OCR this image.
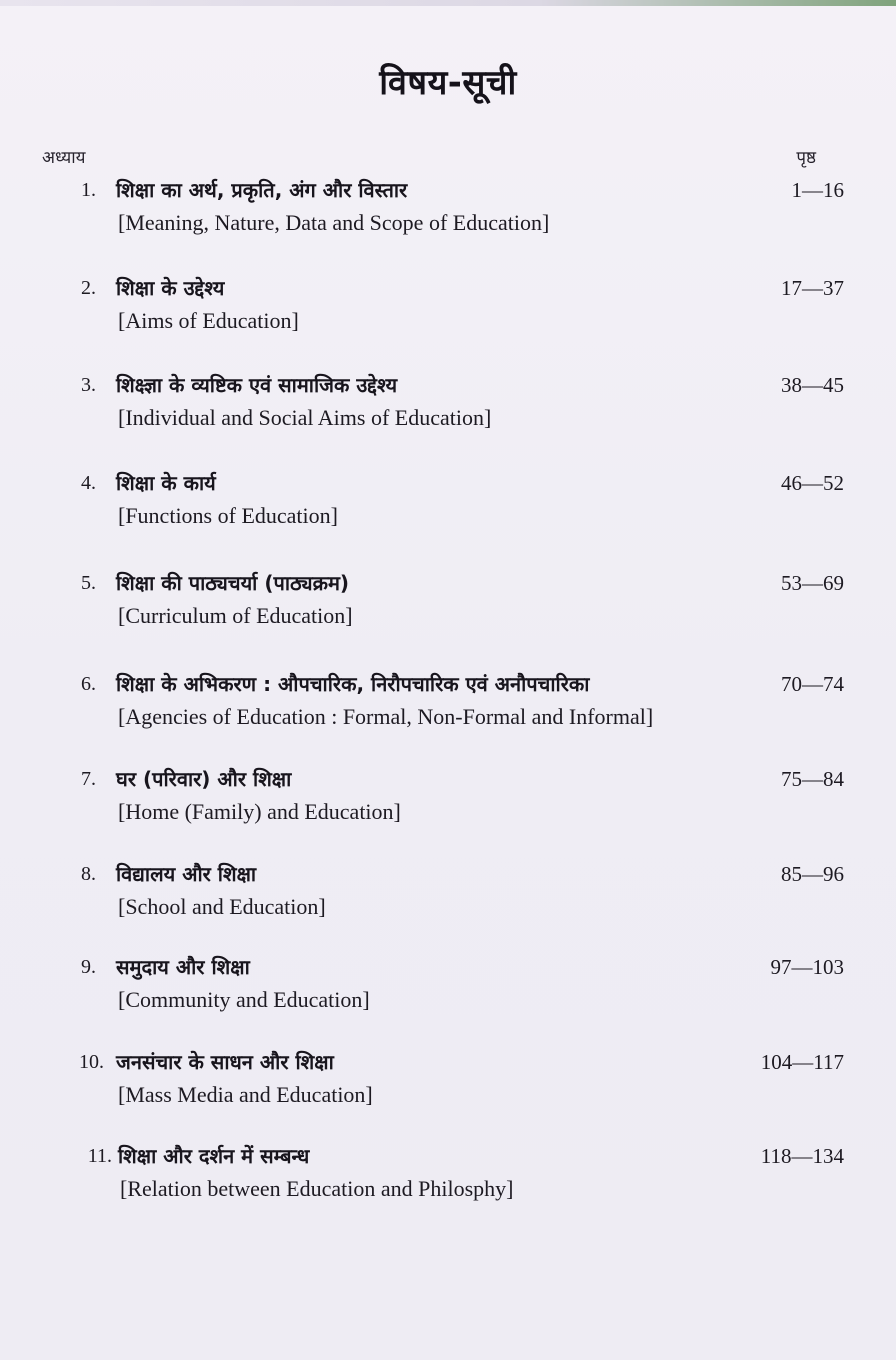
विषय-सूची
अध्याय	पृष्ठ
1. शिक्षा का अर्थ, प्रकृति, अंग और विस्तार
[Meaning, Nature, Data and Scope of Education]
1—16
2. शिक्षा के उद्देश्य
[Aims of Education]
17—37
3. शिक्ष्ज्ञा के व्यष्टिक एवं सामाजिक उद्देश्य
[Individual and Social Aims of Education]
38—45
4. शिक्षा के कार्य
[Functions of Education]
46—52
5. शिक्षा की पाठ्यचर्या (पाठ्यक्रम)
[Curriculum of Education]
53—69
6. शिक्षा के अभिकरण : औपचारिक, निरौपचारिक एवं अनौपचारिका
[Agencies of Education : Formal, Non-Formal and Informal]
70—74
7. घर (परिवार) और शिक्षा
[Home (Family) and Education]
75—84
8. विद्यालय और शिक्षा
[School and Education]
85—96
9. समुदाय और शिक्षा
[Community and Education]
97—103
10. जनसंचार के साधन और शिक्षा
[Mass Media and Education]
104—117
11. शिक्षा और दर्शन में सम्बन्ध
[Relation between Education and Philosphy]
118—134
